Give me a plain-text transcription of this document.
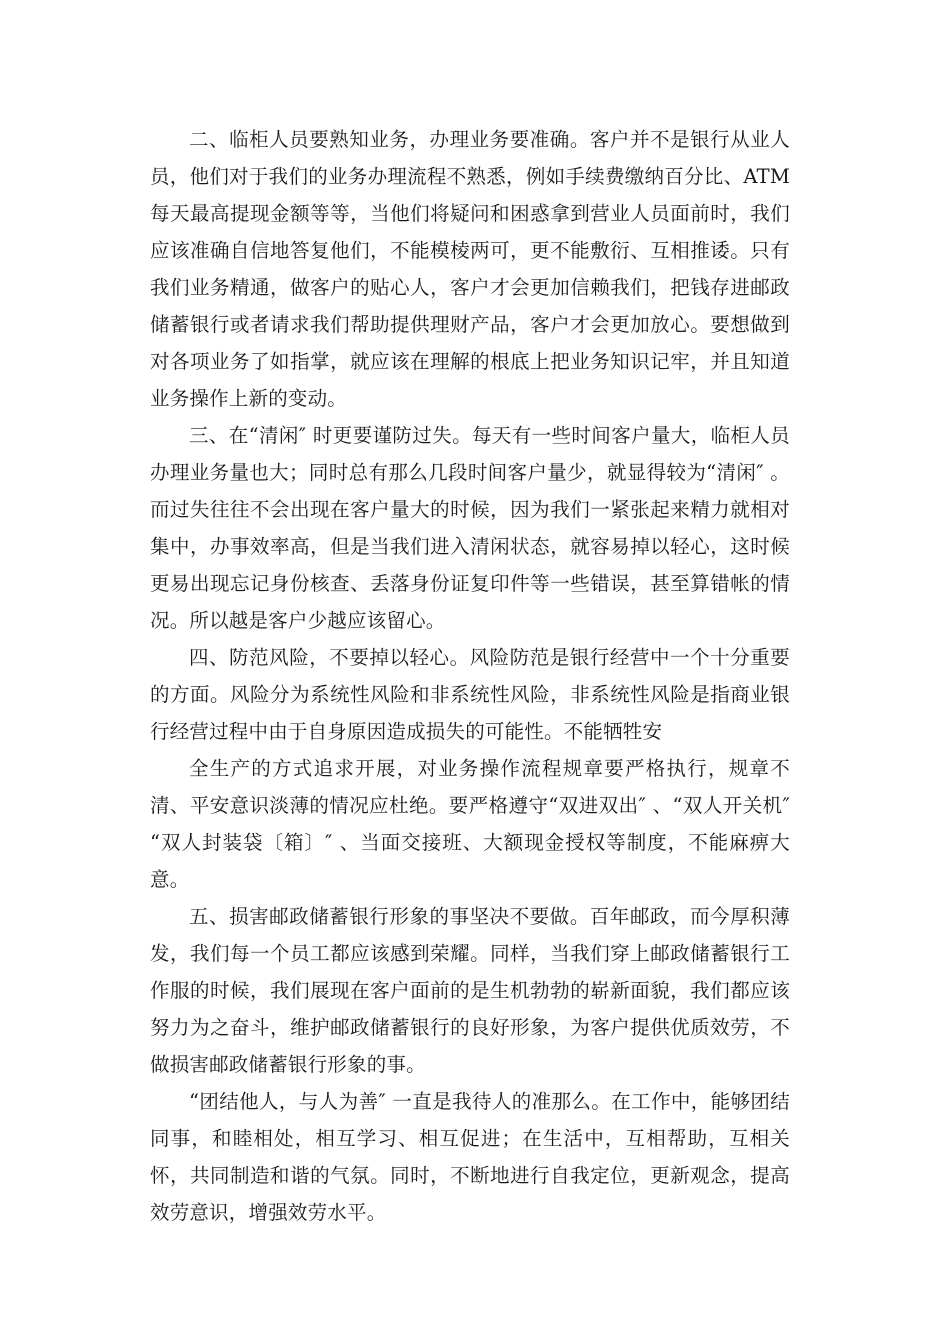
二、临柜人员要熟知业务，办理业务要准确。客户并不是银行从业人员，他们对于我们的业务办理流程不熟悉，例如手续费缴纳百分比、ATM每天最高提现金额等等，当他们将疑问和困惑拿到营业人员面前时，我们应该准确自信地答复他们，不能模棱两可，更不能敷衍、互相推诿。只有我们业务精通，做客户的贴心人，客户才会更加信赖我们，把钱存进邮政储蓄银行或者请求我们帮助提供理财产品，客户才会更加放心。要想做到对各项业务了如指掌，就应该在理解的根底上把业务知识记牢，并且知道业务操作上新的变动。

三、在“清闲″ 时更要谨防过失。每天有一些时间客户量大，临柜人员办理业务量也大；同时总有那么几段时间客户量少，就显得较为“清闲″ 。而过失往往不会出现在客户量大的时候，因为我们一紧张起来精力就相对集中，办事效率高，但是当我们进入清闲状态，就容易掉以轻心，这时候更易出现忘记身份核查、丢落身份证复印件等一些错误，甚至算错帐的情况。所以越是客户少越应该留心。

四、防范风险，不要掉以轻心。风险防范是银行经营中一个十分重要的方面。风险分为系统性风险和非系统性风险，非系统性风险是指商业银行经营过程中由于自身原因造成损失的可能性。不能牺牲安

全生产的方式追求开展，对业务操作流程规章要严格执行，规章不清、平安意识淡薄的情况应杜绝。要严格遵守“双进双出″ 、“双人开关机″ “双人封装袋〔箱〕″ 、当面交接班、大额现金授权等制度，不能麻痹大意。

五、损害邮政储蓄银行形象的事坚决不要做。百年邮政，而今厚积薄发，我们每一个员工都应该感到荣耀。同样，当我们穿上邮政储蓄银行工作服的时候，我们展现在客户面前的是生机勃勃的崭新面貌，我们都应该努力为之奋斗，维护邮政储蓄银行的良好形象，为客户提供优质效劳，不做损害邮政储蓄银行形象的事。

“团结他人，与人为善″ 一直是我待人的准那么。在工作中，能够团结同事，和睦相处，相互学习、相互促进；在生活中，互相帮助，互相关怀，共同制造和谐的气氛。同时，不断地进行自我定位，更新观念，提高效劳意识，增强效劳水平。
